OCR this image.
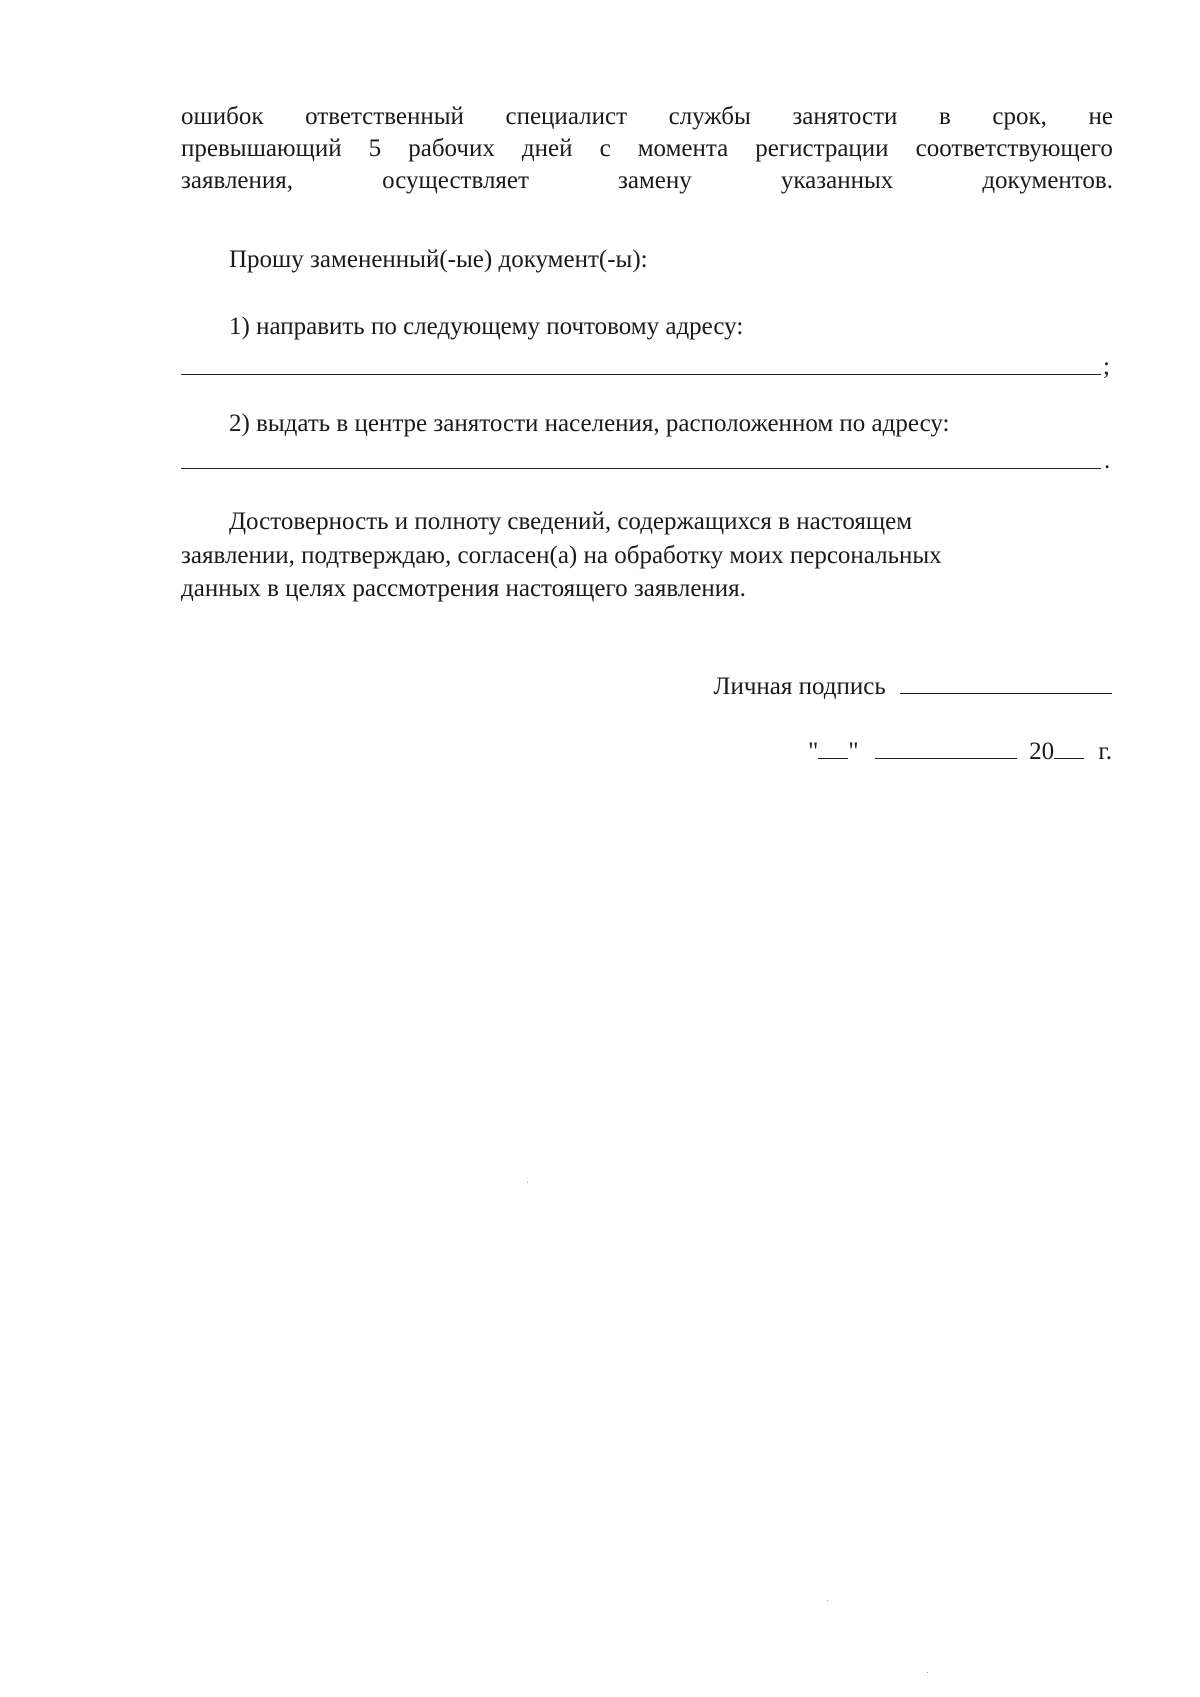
ошибок ответственный специалист службы занятости в срок, не
превышающий 5 рабочих дней с момента регистрации соответствующего
заявления,	осуществляет	замену	указанных	документов.
Прошу замененный(-ые) документ(-ы):
1) направить по следующему почтовому адресу:
;
2) выдать в центре занятости населения, расположенном по адресу:
.
Достоверность и полноту сведений, содержащихся в настоящем
заявлении, подтверждаю, согласен(а) на обработку моих персональных
данных в целях рассмотрения настоящего заявления.
Личная подпись
" "	20 г.
